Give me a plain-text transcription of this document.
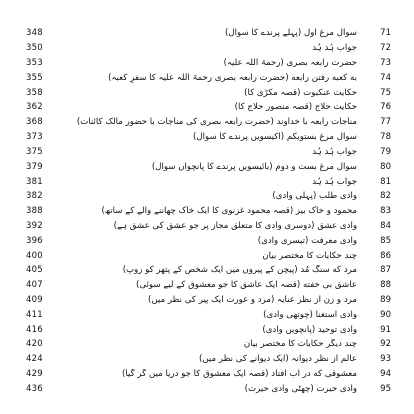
348	سوال مرغ اول (پہلے پرندے کا سوال)	71
350	جواب ہُد ہُد	72
353	حضرت رابعہ بصری (رحمۃ اللہ علیہ)	73
355	به کعبه رفتن رابعه (حضرت رابعہ بصری رحمۃ اللہ علیہ کا سفرِ کعبہ)	74
358	حکایت عنکبوت (قصہ مکڑی کا)	75
362	حکایت حلاج (قصہ منصور حلاج کا)	76
368	مناجات رابعہ با خداوند (حضرت رابعہ بصری کی مناجات با حضور مالک کائنات)	77
373	سوال مرغ بستویکم (اکیسویں پرندے کا سوال)	78
375	جواب ہُد ہُد	79
379	سوال مرغ بست و دوم (بائیسویں پرندے کا پانچواں سوال)	80
381	جواب ہُد ہُد	81
382	وادی طلب (پہلی وادی)	82
388	محمود و خاک بیز (قصہ محمود غزنوی کا ایک خاک چھاننے والے کے ساتھ)	83
392	وادی عشق (دوسری وادی کا متعلق مجاز پر جو عشق کی عشق ہے)	84
396	وادی معرفت (تیسری وادی)	85
400	چند حکایات کا مختصر بیان	86
405	مرد که سنگ مُد (پیچن کے پیروں میں ایک شخص کے پتھر کو روپ)	87
407	عاشق بی خفته (قصہ ایک عاشق کا جو معشوق کے لیے سوئی)	88
409	مرد و زن از نظر عنایہ (مرد و عورت ایک پیر کی نظر میں)	89
411	وادی استغنا (چوتھی وادی)	90
416	وادی توحید (پانچویں وادی)	91
420	چند دیگر حکایات کا مختصر بیان	92
424	عالم از نظر دیوانہ (ایک دیوانے کی نظر میں)	93
429	معشوقی که در آب افتاد (قصہ ایک معشوق کا جو دریا میں گر گیا)	94
436	وادی حیرت (چھٹی وادی حیرت)	95
